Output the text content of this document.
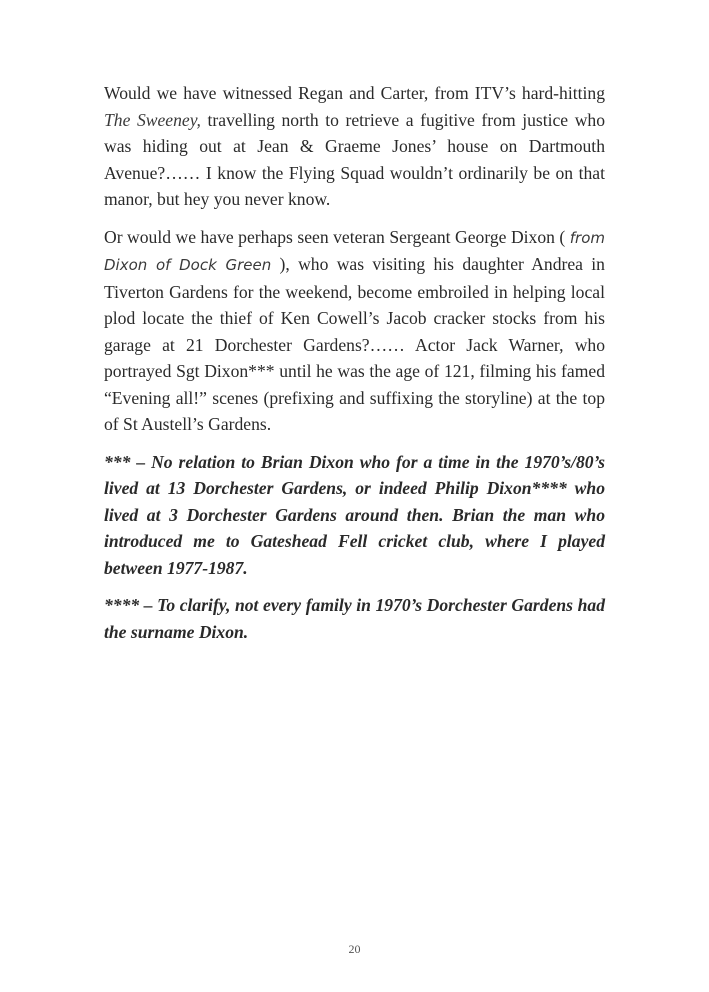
Would we have witnessed Regan and Carter, from ITV’s hard-hitting The Sweeney, travelling north to retrieve a fugitive from justice who was hiding out at Jean & Graeme Jones’ house on Dartmouth Avenue?…… I know the Flying Squad wouldn’t ordinarily be on that manor, but hey you never know.

Or would we have perhaps seen veteran Sergeant George Dixon ( from Dixon of Dock Green ), who was visiting his daughter Andrea in Tiverton Gardens for the weekend, become embroiled in helping local plod locate the thief of Ken Cowell’s Jacob cracker stocks from his garage at 21 Dorchester Gardens?…… Actor Jack Warner, who portrayed Sgt Dixon*** until he was the age of 121, filming his famed “Evening all!” scenes (prefixing and suffixing the storyline) at the top of St Austell’s Gardens.

*** – No relation to Brian Dixon who for a time in the 1970’s/80’s lived at 13 Dorchester Gardens, or indeed Philip Dixon**** who lived at 3 Dorchester Gardens around then. Brian the man who introduced me to Gateshead Fell cricket club, where I played between 1977-1987.

**** – To clarify, not every family in 1970’s Dorchester Gardens had the surname Dixon.

20
